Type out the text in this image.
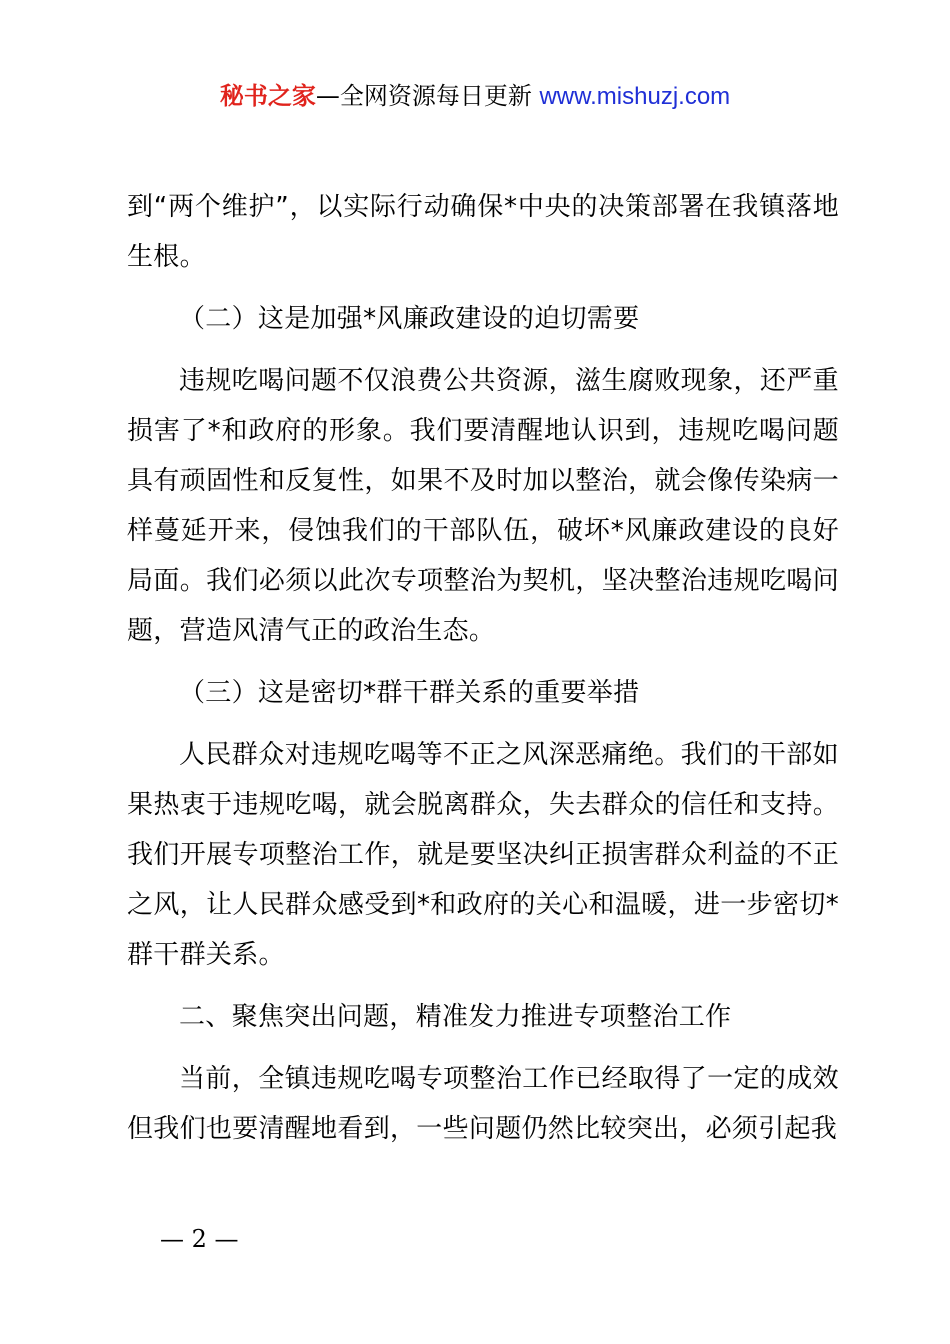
秘书之家—全网资源每日更新 www.mishuzj.com

到“两个维护”，以实际行动确保*中央的决策部署在我镇落地生根。

（二）这是加强*风廉政建设的迫切需要

违规吃喝问题不仅浪费公共资源，滋生腐败现象，还严重损害了*和政府的形象。我们要清醒地认识到，违规吃喝问题具有顽固性和反复性，如果不及时加以整治，就会像传染病一样蔓延开来，侵蚀我们的干部队伍，破坏*风廉政建设的良好局面。我们必须以此次专项整治为契机，坚决整治违规吃喝问题，营造风清气正的政治生态。

（三）这是密切*群干群关系的重要举措

人民群众对违规吃喝等不正之风深恶痛绝。我们的干部如果热衷于违规吃喝，就会脱离群众，失去群众的信任和支持。我们开展专项整治工作，就是要坚决纠正损害群众利益的不正之风，让人民群众感受到*和政府的关心和温暖，进一步密切*群干群关系。

二、聚焦突出问题，精准发力推进专项整治工作

当前，全镇违规吃喝专项整治工作已经取得了一定的成效但我们也要清醒地看到，一些问题仍然比较突出，必须引起我

— 2 —
